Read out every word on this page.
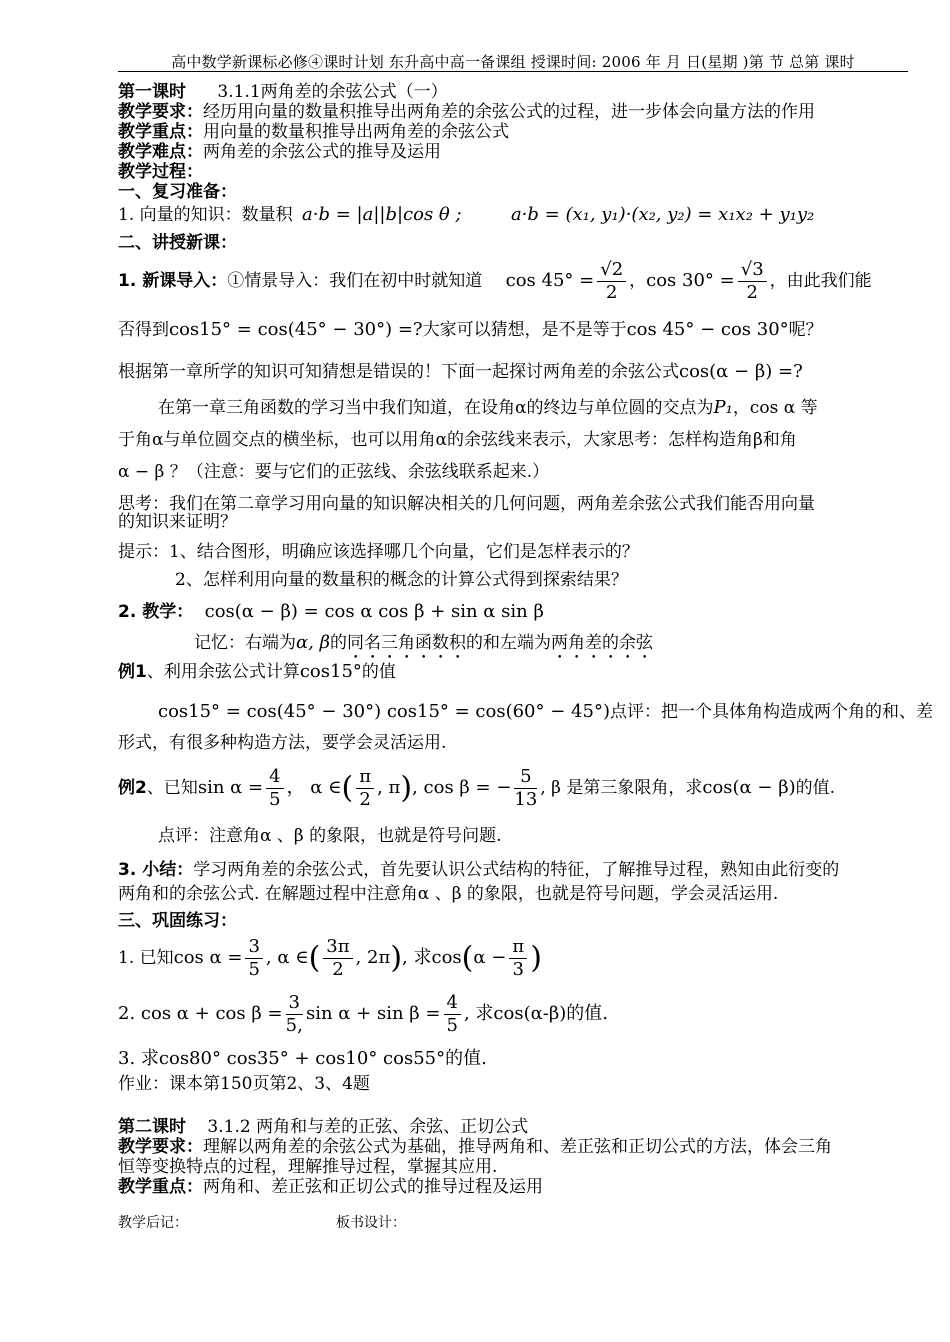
高中数学新课标必修④课时计划 东升高中高一备课组 授课时间: 2006 年 月 日(星期 )第 节 总第 课时
第一课时 3.1.1两角差的余弦公式（一）
教学要求：经历用向量的数量积推导出两角差的余弦公式的过程，进一步体会向量方法的作用
教学重点：用向量的数量积推导出两角差的余弦公式
教学难点：两角差的余弦公式的推导及运用
教学过程：
一、复习准备：
1. 向量的知识：数量积 a·b = |a||b|cos θ ;	a·b = (x₁, y₁)·(x₂, y₂) = x₁x₂ + y₁y₂
二、讲授新课：
1. 新课导入：①情景导入：我们在初中时就知道 $\cos 45^\circ = \frac{√2}{2}$ ，$\cos 30^\circ = \frac{√3}{2}$ ，由此我们能
否得到cos15° = cos(45° − 30°) =?大家可以猜想，是不是等于cos 45° − cos 30°呢？
根据第一章所学的知识可知猜想是错误的！下面一起探讨两角差的余弦公式cos(α − β) =?
在第一章三角函数的学习当中我们知道，在设角α的终边与单位圆的交点为P₁，cos α 等
于角α与单位圆交点的横坐标，也可以用角α的余弦线来表示，大家思考：怎样构造角β和角
α − β ？（注意：要与它们的正弦线、余弦线联系起来.）
思考：我们在第二章学习用向量的知识解决相关的几何问题，两角差余弦公式我们能否用向量
的知识来证明？
提示：1、结合图形，明确应该选择哪几个向量，它们是怎样表示的？
2、怎样利用向量的数量积的概念的计算公式得到探索结果？
2. 教学： cos(α − β) = cos α cos β + sin α sin β
记忆：右端为α, β的同名三角函数积的和左端为两角差的余弦
例1、利用余弦公式计算cos15°的值
cos15° = cos(45° − 30°) cos15° = cos(60° − 45°)点评：把一个具体角构造成两个角的和、差
形式，有很多种构造方法，要学会灵活运用.
例2、已知$\sin \alpha = \frac{4}{5}$ ， α ∈( $\frac{\pi}{2}$ , π), cos β = − $\frac{5}{13}$ , β 是第三象限角，求cos(α − β)的值.
点评：注意角α 、β 的象限，也就是符号问题.
3. 小结：学习两角差的余弦公式，首先要认识公式结构的特征，了解推导过程，熟知由此衍变的
两角和的余弦公式. 在解题过程中注意角α 、β 的象限，也就是符号问题，学会灵活运用.
三、巩固练习：
1. 已知$\cos \alpha = \frac{3}{5}$ , α ∈( $\frac{3\pi}{2}$ , 2π), 求$\cos(\alpha - \frac{\pi}{3}$ )
2. $\cos \alpha + \cos \beta = \frac{3}{5,}$ $\sin \alpha + \sin \beta = \frac{4}{5}$ , 求cos(α-β)的值.
3. 求cos80° cos35° + cos10° cos55°的值.
作业：课本第150页第2、3、4题
第二课时 3.1.2 两角和与差的正弦、余弦、正切公式
教学要求：理解以两角差的余弦公式为基础，推导两角和、差正弦和正切公式的方法，体会三角
恒等变换特点的过程，理解推导过程，掌握其应用.
教学重点：两角和、差正弦和正切公式的推导过程及运用
教学后记：	板书设计：
